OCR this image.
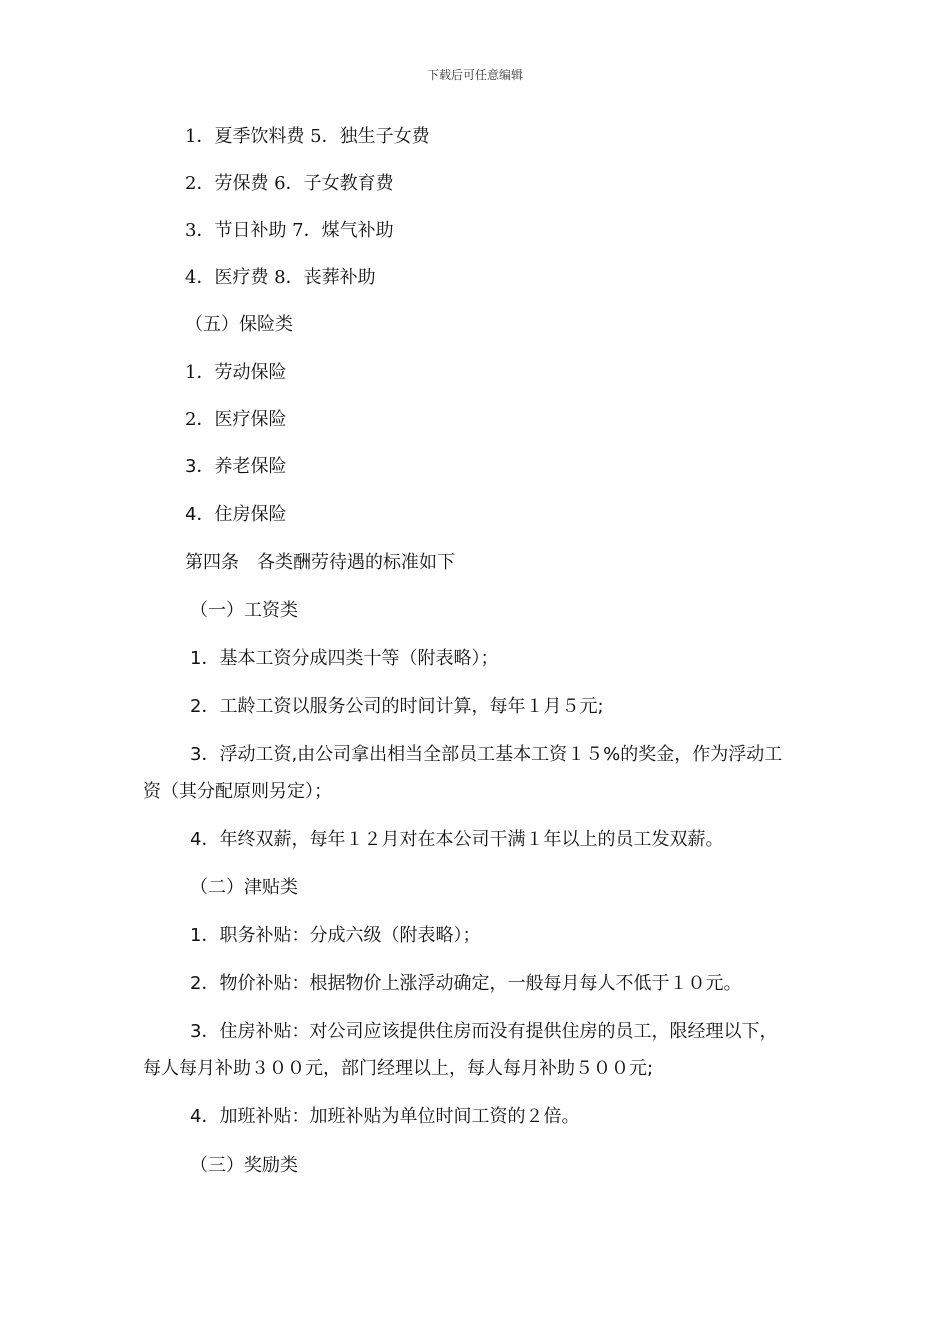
下载后可任意编辑
1．夏季饮料费 5．独生子女费
2．劳保费 6．子女教育费
3．节日补助 7．煤气补助
4．医疗费 8．丧葬补助
（五）保险类
1．劳动保险
2．医疗保险
3．养老保险
4．住房保险
第四条　各类酬劳待遇的标准如下
（一）工资类
1．基本工资分成四类十等（附表略）；
2．工龄工资以服务公司的时间计算，每年１月５元;
3．浮动工资,由公司拿出相当全部员工基本工资１５%的奖金，作为浮动工
资（其分配原则另定）；
4．年终双薪，每年１２月对在本公司干满１年以上的员工发双薪。
（二）津贴类
1．职务补贴：分成六级（附表略）；
2．物价补贴：根据物价上涨浮动确定，一般每月每人不低于１０元。
3．住房补贴：对公司应该提供住房而没有提供住房的员工，限经理以下，
每人每月补助３００元，部门经理以上，每人每月补助５００元;
4．加班补贴：加班补贴为单位时间工资的２倍。
（三）奖励类
